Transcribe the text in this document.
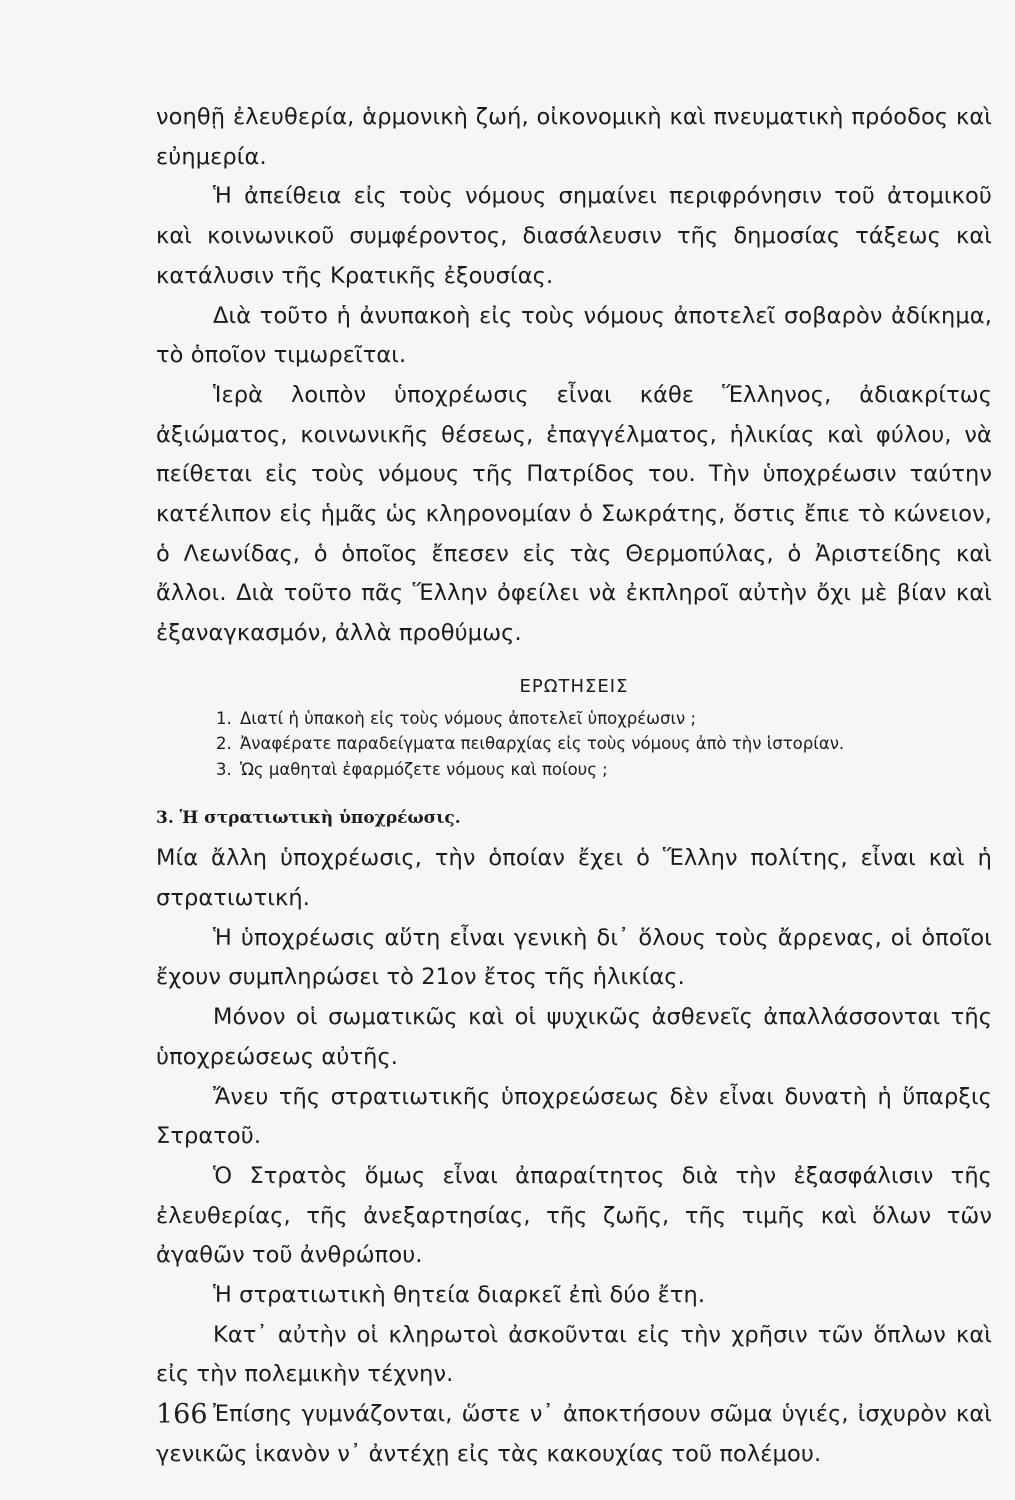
νοηθῇ ἐλευθερία, ἁρμονικὴ ζωή, οἰκονομικὴ καὶ πνευματικὴ πρόοδος καὶ εὐημερία.

Ἡ ἀπείθεια εἰς τοὺς νόμους σημαίνει περιφρόνησιν τοῦ ἀτομικοῦ καὶ κοινωνικοῦ συμφέροντος, διασάλευσιν τῆς δημοσίας τάξεως καὶ κατάλυσιν τῆς Κρατικῆς ἐξουσίας.

Διὰ τοῦτο ἡ ἀνυπακοὴ εἰς τοὺς νόμους ἀποτελεῖ σοβαρὸν ἀδίκημα, τὸ ὁποῖον τιμωρεῖται.

Ἱερὰ λοιπὸν ὑποχρέωσις εἶναι κάθε Ἕλληνος, ἀδιακρίτως ἀξιώματος, κοινωνικῆς θέσεως, ἐπαγγέλματος, ἡλικίας καὶ φύλου, νὰ πείθεται εἰς τοὺς νόμους τῆς Πατρίδος του. Τὴν ὑποχρέωσιν ταύτην κατέλιπον εἰς ἡμᾶς ὡς κληρονομίαν ὁ Σωκράτης, ὅστις ἔπιε τὸ κώνειον, ὁ Λεωνίδας, ὁ ὁποῖος ἔπεσεν εἰς τὰς Θερμοπύλας, ὁ Ἀριστείδης καὶ ἄλλοι. Διὰ τοῦτο πᾶς Ἕλλην ὀφείλει νὰ ἐκπληροῖ αὐτὴν ὄχι μὲ βίαν καὶ ἐξαναγκασμόν, ἀλλὰ προθύμως.

ΕΡΩΤΗΣΕΙΣ
1. Διατί ἡ ὑπακοὴ εἰς τοὺς νόμους ἀποτελεῖ ὑποχρέωσιν ;
2. Ἀναφέρατε παραδείγματα πειθαρχίας εἰς τοὺς νόμους ἀπὸ τὴν ἱστορίαν.
3. Ὡς μαθηταὶ ἐφαρμόζετε νόμους καὶ ποίους ;
3. Ἡ στρατιωτικὴ ὑποχρέωσις.

Μία ἄλλη ὑποχρέωσις, τὴν ὁποίαν ἔχει ὁ Ἕλλην πολίτης, εἶναι καὶ ἡ στρατιωτική.

Ἡ ὑποχρέωσις αὕτη εἶναι γενικὴ δι᾽ ὅλους τοὺς ἄρρενας, οἱ ὁποῖοι ἔχουν συμπληρώσει τὸ 21ον ἔτος τῆς ἡλικίας.

Μόνον οἱ σωματικῶς καὶ οἱ ψυχικῶς ἀσθενεῖς ἀπαλλάσσονται τῆς ὑποχρεώσεως αὐτῆς.

Ἄνευ τῆς στρατιωτικῆς ὑποχρεώσεως δὲν εἶναι δυνατὴ ἡ ὕπαρξις Στρατοῦ.

Ὁ Στρατὸς ὅμως εἶναι ἀπαραίτητος διὰ τὴν ἐξασφάλισιν τῆς ἐλευθερίας, τῆς ἀνεξαρτησίας, τῆς ζωῆς, τῆς τιμῆς καὶ ὅλων τῶν ἀγαθῶν τοῦ ἀνθρώπου.

Ἡ στρατιωτικὴ θητεία διαρκεῖ ἐπὶ δύο ἔτη.

Κατ᾽ αὐτὴν οἱ κληρωτοὶ ἀσκοῦνται εἰς τὴν χρῆσιν τῶν ὅπλων καὶ εἰς τὴν πολεμικὴν τέχνην.

Ἐπίσης γυμνάζονται, ὥστε ν᾽ ἀποκτήσουν σῶμα ὑγιές, ἰσχυρὸν καὶ γενικῶς ἱκανὸν ν᾽ ἀντέχῃ εἰς τὰς κακουχίας τοῦ πολέμου.

166
